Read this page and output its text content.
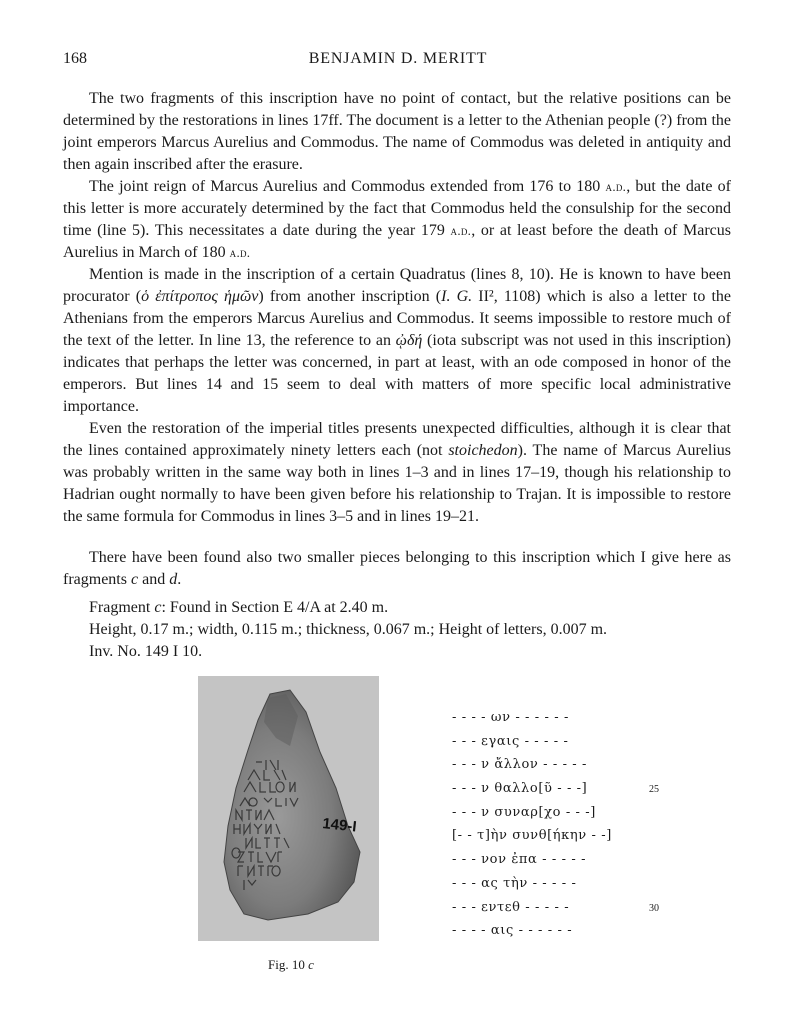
168	BENJAMIN D. MERITT

The two fragments of this inscription have no point of contact, but the relative positions can be determined by the restorations in lines 17ff. The document is a letter to the Athenian people (?) from the joint emperors Marcus Aurelius and Commodus. The name of Commodus was deleted in antiquity and then again inscribed after the erasure.

The joint reign of Marcus Aurelius and Commodus extended from 176 to 180 a.d., but the date of this letter is more accurately determined by the fact that Commodus held the consulship for the second time (line 5). This necessitates a date during the year 179 a.d., or at least before the death of Marcus Aurelius in March of 180 a.d.

Mention is made in the inscription of a certain Quadratus (lines 8, 10). He is known to have been procurator (ὁ ἐπίτροπος ἡμῶν) from another inscription (I. G. II², 1108) which is also a letter to the Athenians from the emperors Marcus Aurelius and Commodus. It seems impossible to restore much of the text of the letter. In line 13, the reference to an ᾠδή (iota subscript was not used in this inscription) indicates that perhaps the letter was concerned, in part at least, with an ode composed in honor of the emperors. But lines 14 and 15 seem to deal with matters of more specific local administrative importance.

Even the restoration of the imperial titles presents unexpected difficulties, although it is clear that the lines contained approximately ninety letters each (not stoichedon). The name of Marcus Aurelius was probably written in the same way both in lines 1–3 and in lines 17–19, though his relationship to Hadrian ought normally to have been given before his relationship to Trajan. It is impossible to restore the same formula for Commodus in lines 3–5 and in lines 19–21.

There have been found also two smaller pieces belonging to this inscription which I give here as fragments c and d.

Fragment c: Found in Section E 4/A at 2.40 m.
Height, 0.17 m.; width, 0.115 m.; thickness, 0.067 m.; Height of letters, 0.007 m.
Inv. No. 149 I 10.
149-I
Fig. 10 c
- - - - ων - - - - - -
- - - εγαις - - - - -
- - - ν ἄλλον - - - - -
- - - ν θαλλο[ῦ - - -]	25
- - - ν συναρ[χο - - -]
[- - τ]ὴν συνθ[ήκην - -]
- - - νον ἐπα - - - - -
- - - ας τὴν - - - - -
- - - εντεθ - - - - -	30
- - - - αις - - - - - -
